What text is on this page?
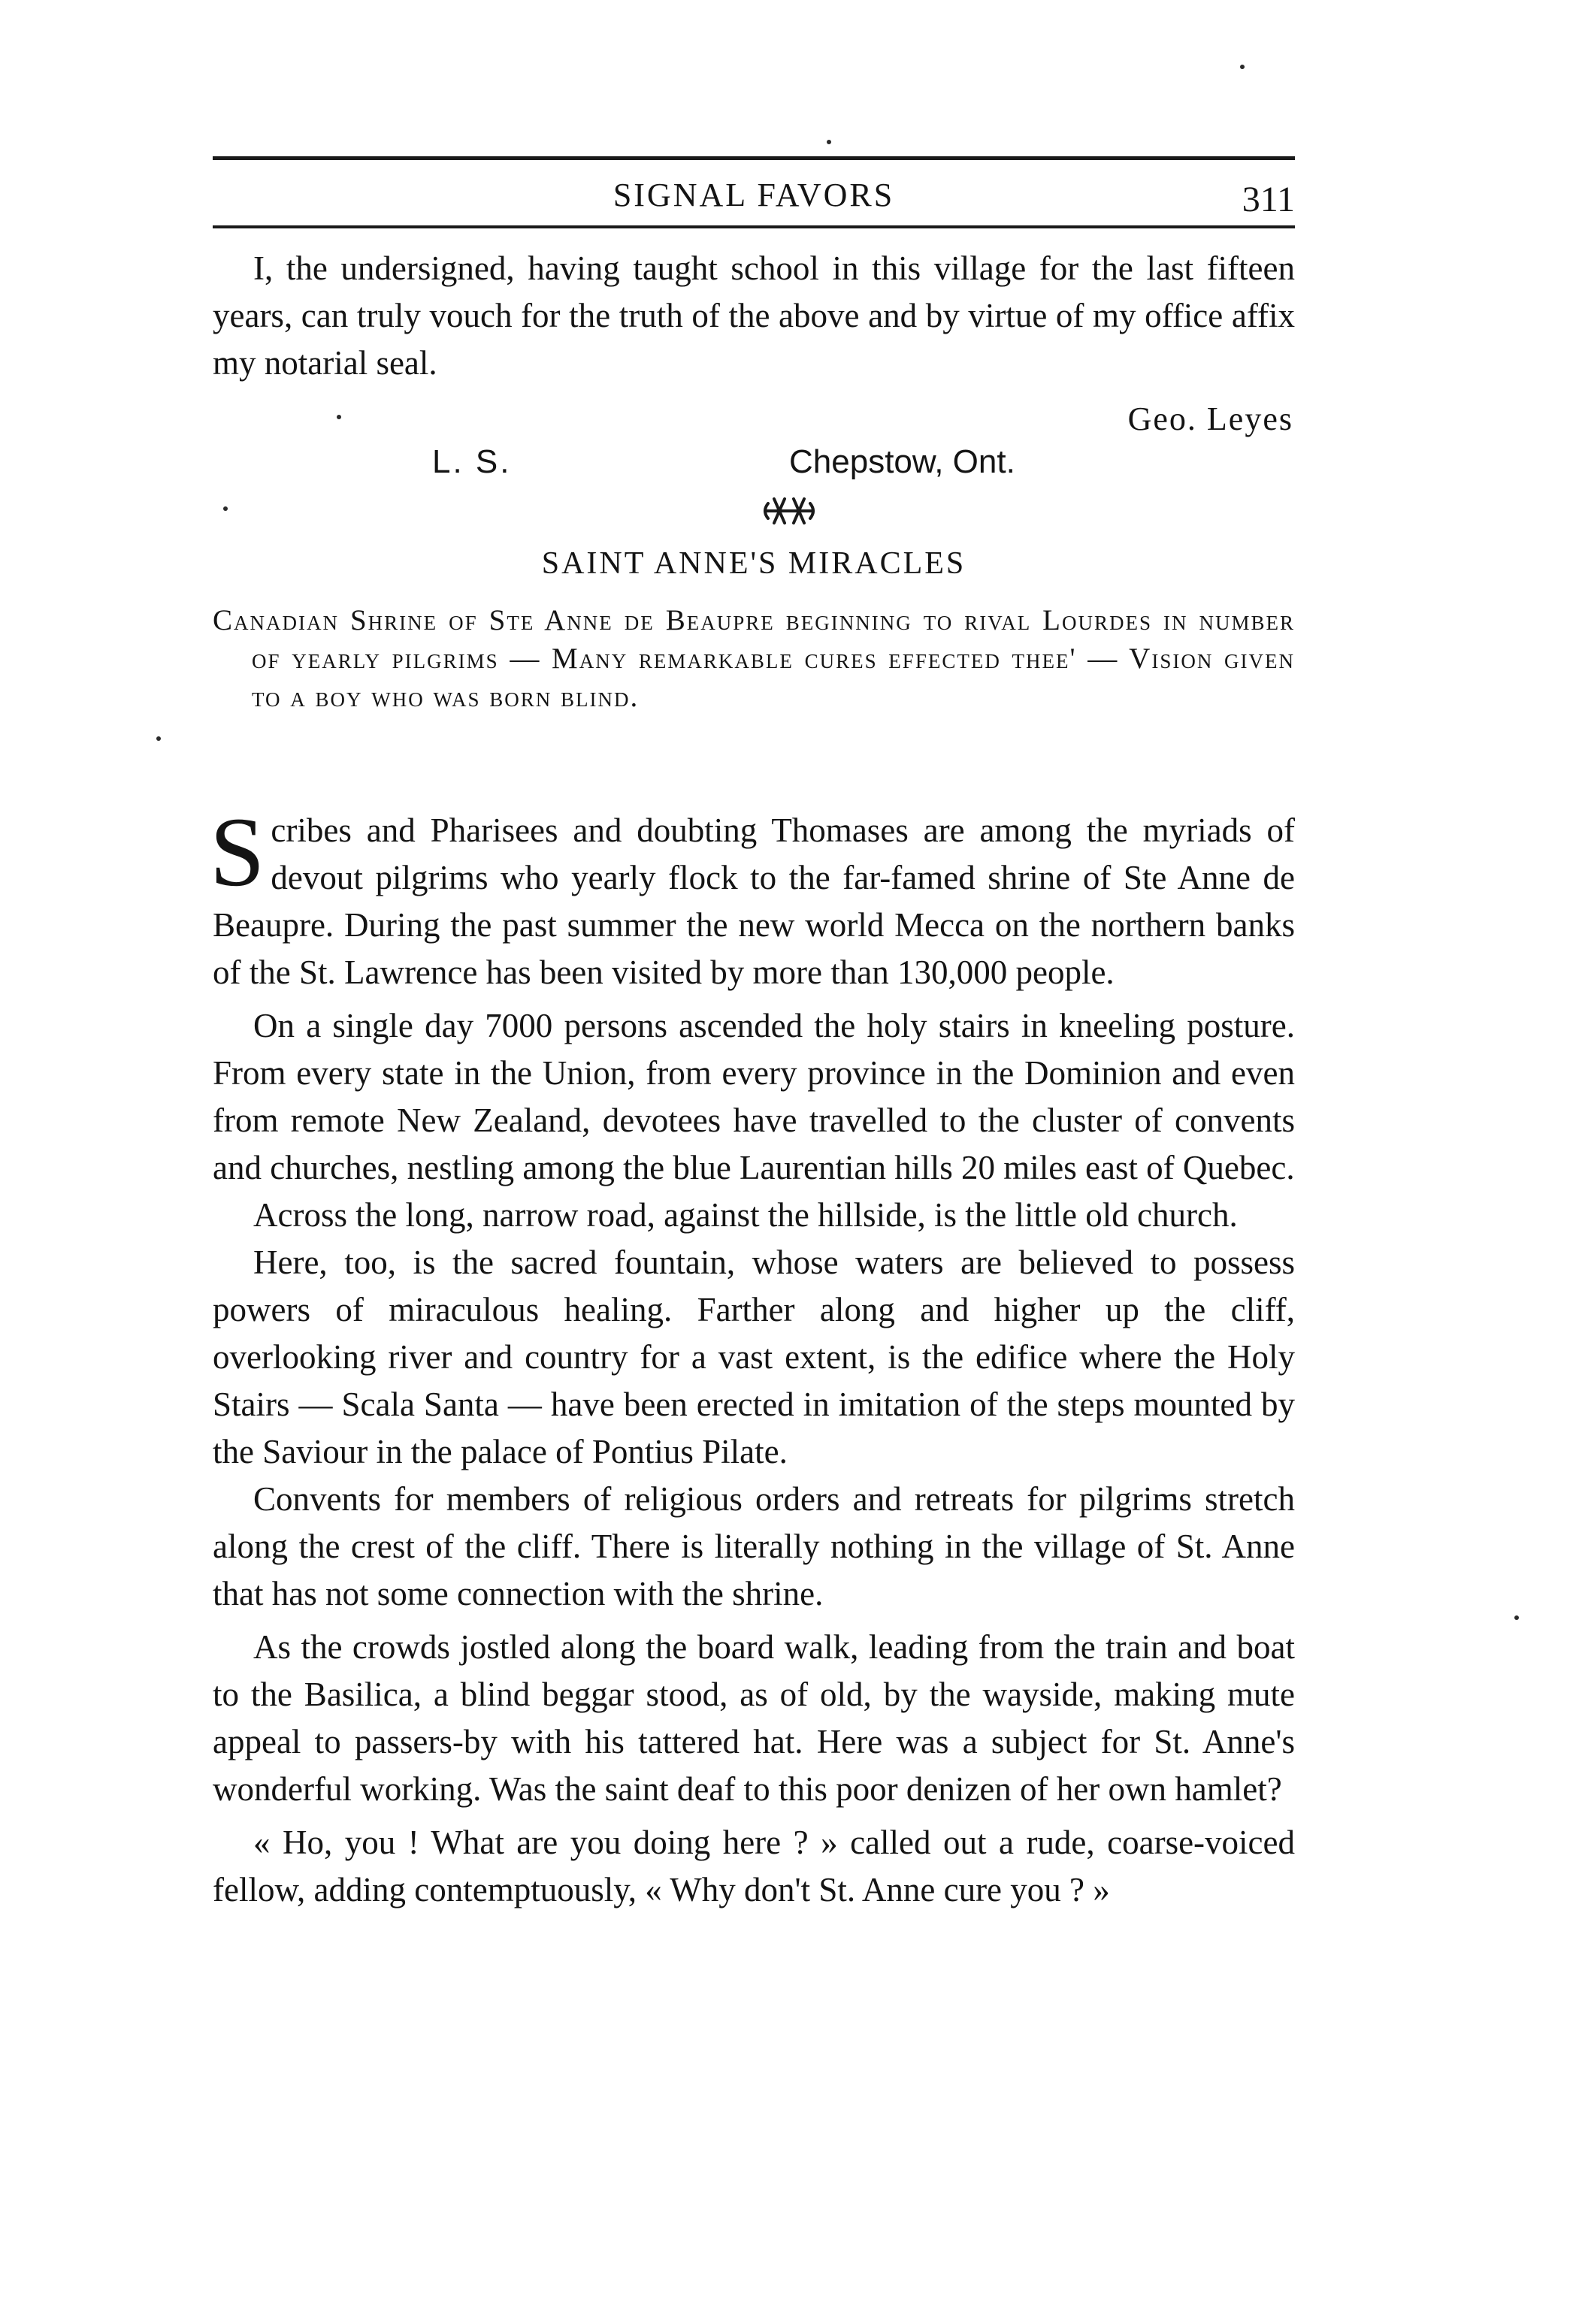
SIGNAL FAVORS	311

I, the undersigned, having taught school in this village for the last fifteen years, can truly vouch for the truth of the above and by virtue of my office affix my notarial seal.

Geo. Leyes
L. S.	Chepstow, Ont.
SAINT ANNE'S MIRACLES
Canadian Shrine of Ste Anne de Beaupre beginning to rival Lourdes in number of yearly pilgrims — Many remarkable cures effected thee' — Vision given to a boy who was born blind.

Scribes and Pharisees and doubting Thomases are among the myriads of devout pilgrims who yearly flock to the far-famed shrine of Ste Anne de Beaupre. During the past summer the new world Mecca on the northern banks of the St. Lawrence has been visited by more than 130,000 people.

On a single day 7000 persons ascended the holy stairs in kneeling posture. From every state in the Union, from every province in the Dominion and even from remote New Zealand, devotees have travelled to the cluster of convents and churches, nestling among the blue Laurentian hills 20 miles east of Quebec.

Across the long, narrow road, against the hillside, is the little old church.

Here, too, is the sacred fountain, whose waters are believed to possess powers of miraculous healing. Farther along and higher up the cliff, overlooking river and country for a vast extent, is the edifice where the Holy Stairs — Scala Santa — have been erected in imitation of the steps mounted by the Saviour in the palace of Pontius Pilate.

Convents for members of religious orders and retreats for pilgrims stretch along the crest of the cliff. There is literally nothing in the village of St. Anne that has not some connection with the shrine.

As the crowds jostled along the board walk, leading from the train and boat to the Basilica, a blind beggar stood, as of old, by the wayside, making mute appeal to passers-by with his tattered hat. Here was a subject for St. Anne's wonderful working. Was the saint deaf to this poor denizen of her own hamlet?

« Ho, you ! What are you doing here ? » called out a rude, coarse-voiced fellow, adding contemptuously, « Why don't St. Anne cure you ? »
